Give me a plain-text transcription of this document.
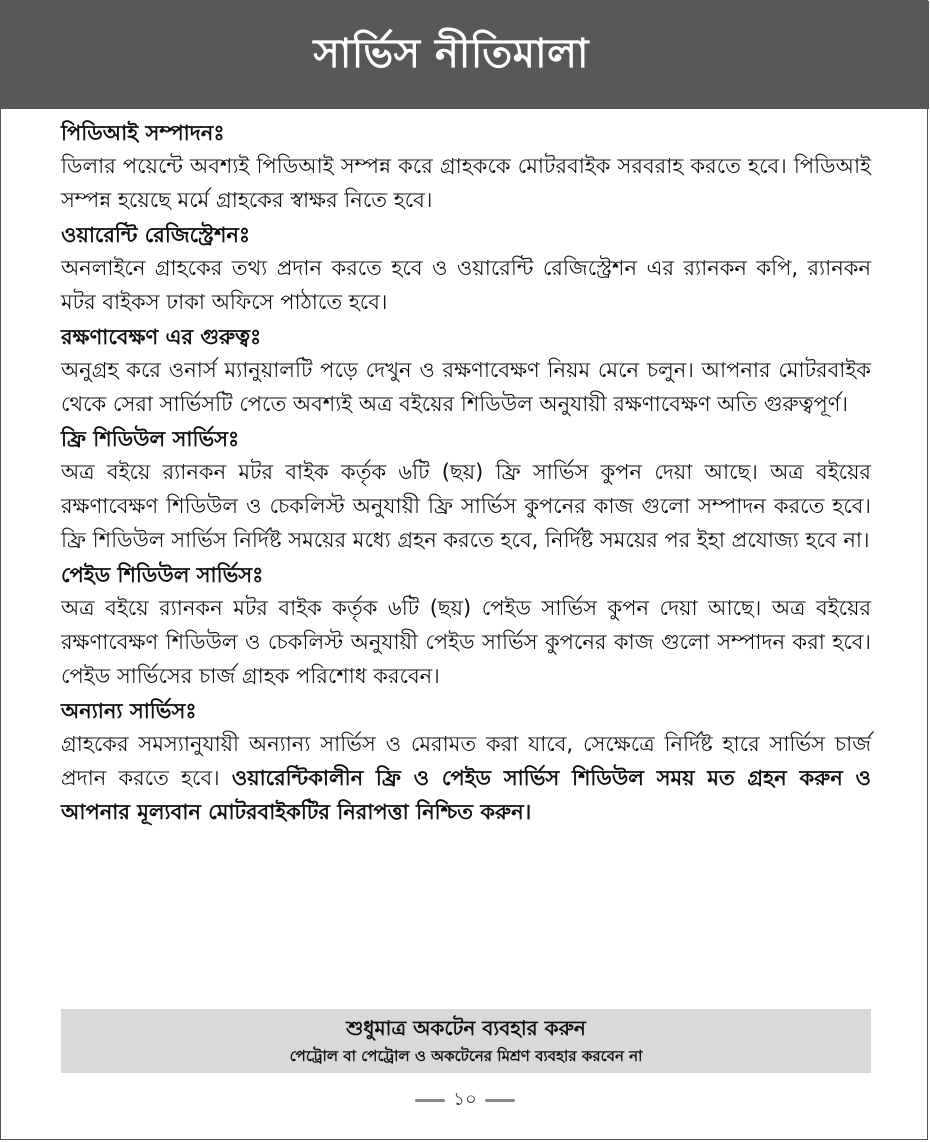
সার্ভিস নীতিমালা

পিডিআই সম্পাদনঃ

ডিলার পয়েন্টে অবশ্যই পিডিআই সম্পন্ন করে গ্রাহককে মোটরবাইক সরবরাহ করতে হবে। পিডিআই সম্পন্ন হয়েছে মর্মে গ্রাহকের স্বাক্ষর নিতে হবে।

ওয়ারেন্টি রেজিস্ট্রেশনঃ

অনলাইনে গ্রাহকের তথ্য প্রদান করতে হবে ও ওয়ারেন্টি রেজিস্ট্রেশন এর র‍্যানকন কপি, র‍্যানকন মটর বাইকস ঢাকা অফিসে পাঠাতে হবে।

রক্ষণাবেক্ষণ এর গুরুত্বঃ

অনুগ্রহ করে ওনার্স ম্যানুয়ালটি পড়ে দেখুন ও রক্ষণাবেক্ষণ নিয়ম মেনে চলুন। আপনার মোটরবাইক থেকে সেরা সার্ভিসটি পেতে অবশ্যই অত্র বইয়ের শিডিউল অনুযায়ী রক্ষণাবেক্ষণ অতি গুরুত্বপূর্ণ।

ফ্রি শিডিউল সার্ভিসঃ

অত্র বইয়ে র‍্যানকন মটর বাইক কর্তৃক ৬টি (ছয়) ফ্রি সার্ভিস কুপন দেয়া আছে। অত্র বইয়ের রক্ষণাবেক্ষণ শিডিউল ও চেকলিস্ট অনুযায়ী ফ্রি সার্ভিস কুপনের কাজ গুলো সম্পাদন করতে হবে। ফ্রি শিডিউল সার্ভিস নির্দিষ্ট সময়ের মধ্যে গ্রহন করতে হবে, নির্দিষ্ট সময়ের পর ইহা প্রযোজ্য হবে না।

পেইড শিডিউল সার্ভিসঃ

অত্র বইয়ে র‍্যানকন মটর বাইক কর্তৃক ৬টি (ছয়) পেইড সার্ভিস কুপন দেয়া আছে। অত্র বইয়ের রক্ষণাবেক্ষণ শিডিউল ও চেকলিস্ট অনুযায়ী পেইড সার্ভিস কুপনের কাজ গুলো সম্পাদন করা হবে। পেইড সার্ভিসের চার্জ গ্রাহক পরিশোধ করবেন।

অন্যান্য সার্ভিসঃ

গ্রাহকের সমস্যানুযায়ী অন্যান্য সার্ভিস ও মেরামত করা যাবে, সেক্ষেত্রে নির্দিষ্ট হারে সার্ভিস চার্জ প্রদান করতে হবে। ওয়ারেন্টিকালীন ফ্রি ও পেইড সার্ভিস শিডিউল সময় মত গ্রহন করুন ও আপনার মূল্যবান মোটরবাইকটির নিরাপত্তা নিশ্চিত করুন।

শুধুমাত্র অকটেন ব্যবহার করুন
পেট্রোল বা পেট্রোল ও অকটেনের মিশ্রণ ব্যবহার করবেন না
১০
